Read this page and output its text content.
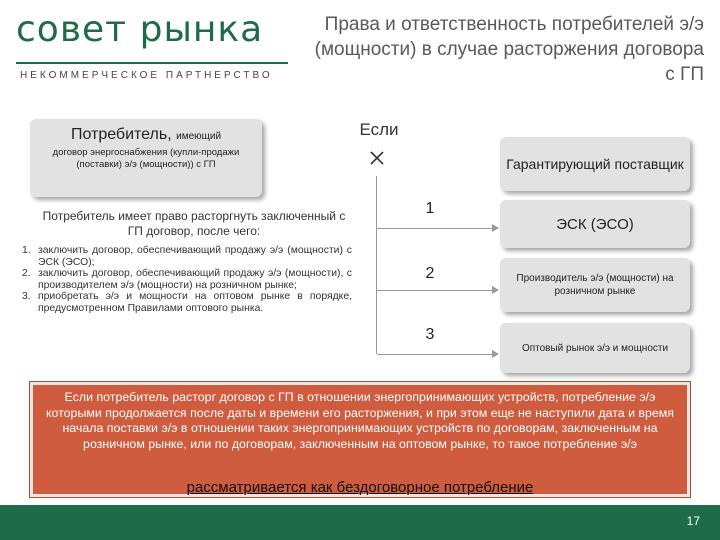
совет рынка
НЕКОММЕРЧЕСКОЕ ПАРТНЕРСТВО
Права и ответственность потребителей э/э (мощности) в случае расторжения договора с ГП
Потребитель, имеющий
договор энергоснабжения (купли-продажи (поставки) э/э (мощности)) с ГП
Потребитель имеет право расторгнуть заключенный с ГП договор, после чего:
1. заключить договор, обеспечивающий продажу э/э (мощности) с ЭСК (ЭСО);
2. заключить договор, обеспечивающий продажу э/э (мощности), с производителем э/э (мощности) на розничном рынке;
3. приобретать э/э и мощности на оптовом рынке в порядке, предусмотренном Правилами оптового рынка.
Если
1
2
3
Гарантирующий поставщик
ЭСК (ЭСО)
Производитель э/э (мощности) на розничном рынке
Оптовый рынок э/э и мощности
Если потребитель расторг договор с ГП в отношении энергопринимающих устройств, потребление э/э которыми продолжается после даты и времени его расторжения, и при этом еще не наступили дата и время начала поставки э/э в отношении таких энергопринимающих устройств по договорам, заключенным на розничном рынке, или по договорам, заключенным на оптовом рынке, то такое потребление э/э
рассматривается как бездоговорное потребление
17
